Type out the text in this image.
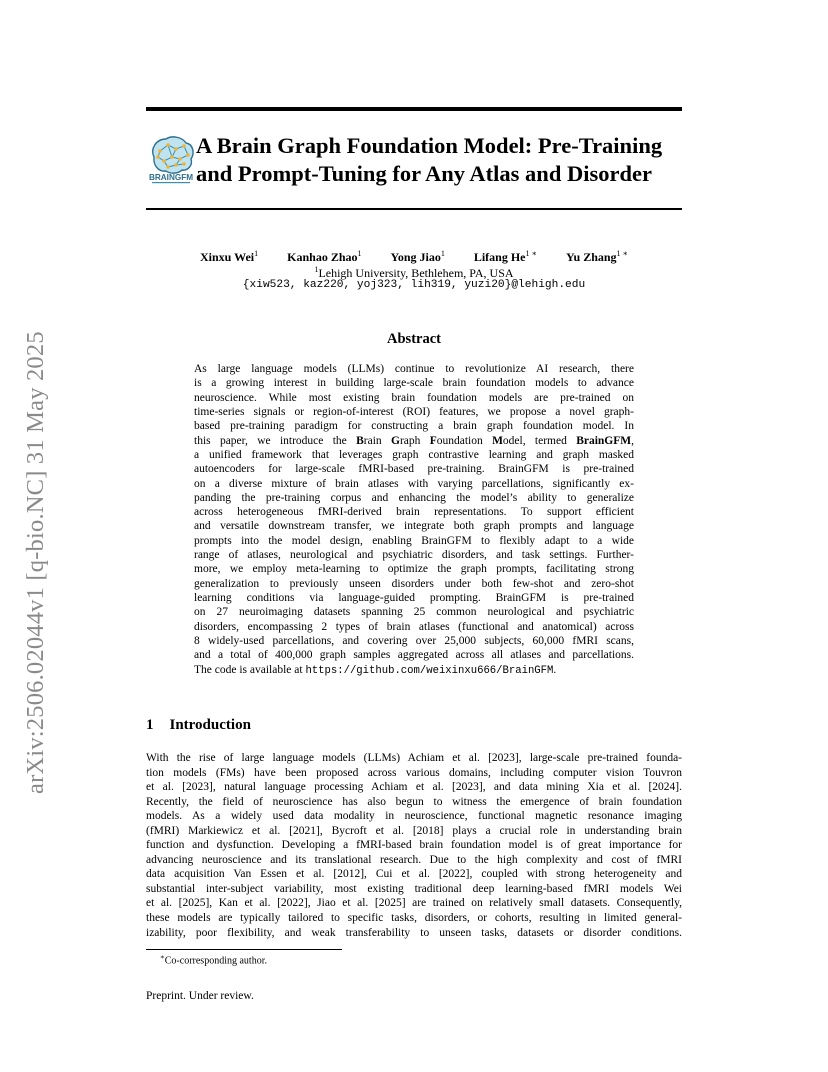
arXiv:2506.02044v1 [q-bio.NC] 31 May 2025
BRAINGFM
A Brain Graph Foundation Model: Pre-Training
and Prompt-Tuning for Any Atlas and Disorder
Xinxu Wei$^1$ Kanhao Zhao$^1$ Yong Jiao$^1$ Lifang $He^{1 ∗}$ Yu Zhang$^{1 ∗}$
$^1$Lehigh University, Bethlehem, PA, USA
{xiw523, kaz220, yoj323, lih319, yuzi20}@lehigh.edu
Abstract
As large language models (LLMs) continue to revolutionize AI research, there
is a growing interest in building large-scale brain foundation models to advance
neuroscience. While most existing brain foundation models are pre-trained on
time-series signals or region-of-interest (ROI) features, we propose a novel graph-
based pre-training paradigm for constructing a brain graph foundation model. In
this paper, we introduce the Brain Graph Foundation Model, termed BrainGFM,
a unified framework that leverages graph contrastive learning and graph masked
autoencoders for large-scale fMRI-based pre-training. BrainGFM is pre-trained
on a diverse mixture of brain atlases with varying parcellations, significantly ex-
panding the pre-training corpus and enhancing the model’s ability to generalize
across heterogeneous fMRI-derived brain representations. To support efficient
and versatile downstream transfer, we integrate both graph prompts and language
prompts into the model design, enabling BrainGFM to flexibly adapt to a wide
range of atlases, neurological and psychiatric disorders, and task settings. Further-
more, we employ meta-learning to optimize the graph prompts, facilitating strong
generalization to previously unseen disorders under both few-shot and zero-shot
learning conditions via language-guided prompting. BrainGFM is pre-trained
on 27 neuroimaging datasets spanning 25 common neurological and psychiatric
disorders, encompassing 2 types of brain atlases (functional and anatomical) across
8 widely-used parcellations, and covering over 25,000 subjects, 60,000 fMRI scans,
and a total of 400,000 graph samples aggregated across all atlases and parcellations.
The code is available at https://github.com/weixinxu666/BrainGFM.
1 Introduction
With the rise of large language models (LLMs) Achiam et al. [2023], large-scale pre-trained founda-
tion models (FMs) have been proposed across various domains, including computer vision Touvron
et al. [2023], natural language processing Achiam et al. [2023], and data mining Xia et al. [2024].
Recently, the field of neuroscience has also begun to witness the emergence of brain foundation
models. As a widely used data modality in neuroscience, functional magnetic resonance imaging
(fMRI) Markiewicz et al. [2021], Bycroft et al. [2018] plays a crucial role in understanding brain
function and dysfunction. Developing a fMRI-based brain foundation model is of great importance for
advancing neuroscience and its translational research. Due to the high complexity and cost of fMRI
data acquisition Van Essen et al. [2012], Cui et al. [2022], coupled with strong heterogeneity and
substantial inter-subject variability, most existing traditional deep learning-based fMRI models Wei
et al. [2025], Kan et al. [2022], Jiao et al. [2025] are trained on relatively small datasets. Consequently,
these models are typically tailored to specific tasks, disorders, or cohorts, resulting in limited general-
izability, poor flexibility, and weak transferability to unseen tasks, datasets or disorder conditions.
∗Co-corresponding author.
Preprint. Under review.
